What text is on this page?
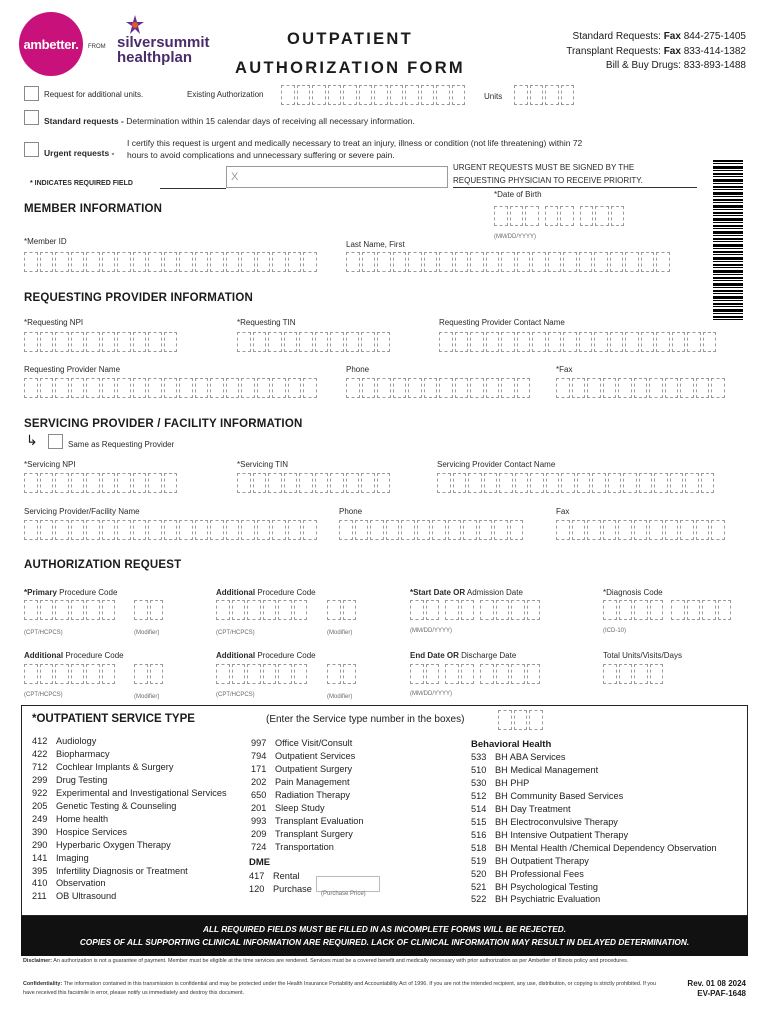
ambetter. FROM silversummit
healthplan
OUTPATIENT
AUTHORIZATION FORM
Standard Requests: Fax 844-275-1405
Transplant Requests: Fax 833-414-1382
Bill & Buy Drugs: 833-893-1488
Request for additional units.	Existing Authorization	Units
Standard requests - Determination within 15 calendar days of receiving all necessary information.
Urgent requests -
I certify this request is urgent and medically necessary to treat an injury, illness or condition (not life threatening) within 72
hours to avoid complications and unnecessary suffering or severe pain.
* INDICATES REQUIRED FIELD
X
URGENT REQUESTS MUST BE SIGNED BY THE
REQUESTING PHYSICIAN TO RECEIVE PRIORITY.
MEMBER INFORMATION
*Date of Birth
(MM/DD/YYYY)
*Member ID	Last Name, First
REQUESTING PROVIDER INFORMATION
*Requesting NPI	*Requesting TIN	Requesting Provider Contact Name
Requesting Provider Name	Phone	*Fax
SERVICING PROVIDER / FACILITY INFORMATION
↳	Same as Requesting Provider
*Servicing NPI	*Servicing TIN	Servicing Provider Contact Name
Servicing Provider/Facility Name	Phone	Fax
AUTHORIZATION REQUEST
*Primary Procedure Code	Additional Procedure Code	*Start Date OR Admission Date	*Diagnosis Code
(CPT/HCPCS)	(Modifier)	(CPT/HCPCS)	(Modifier)	(MM/DD/YYYY)	(ICD-10)
Additional Procedure Code	Additional Procedure Code	End Date OR Discharge Date	Total Units/Visits/Days
(CPT/HCPCS)	(Modifier)	(CPT/HCPCS)	(Modifier)	(MM/DD/YYYY)
*OUTPATIENT SERVICE TYPE	(Enter the Service type number in the boxes)
412 Audiology
422 Biopharmacy
712 Cochlear Implants & Surgery
299 Drug Testing
922 Experimental and Investigational Services
205 Genetic Testing & Counseling
249 Home health
390 Hospice Services
290 Hyperbaric Oxygen Therapy
141 Imaging
395 Infertility Diagnosis or Treatment
410 Observation
211 OB Ultrasound
997 Office Visit/Consult
794 Outpatient Services
171 Outpatient Surgery
202 Pain Management
650 Radiation Therapy
201 Sleep Study
993 Transplant Evaluation
209 Transplant Surgery
724 Transportation
DME
417 Rental
120 Purchase
(Purchase Price)
Behavioral Health
533 BH ABA Services
510 BH Medical Management
530 BH PHP
512 BH Community Based Services
514 BH Day Treatment
515 BH Electroconvulsive Therapy
516 BH Intensive Outpatient Therapy
518 BH Mental Health /Chemical Dependency Observation
519 BH Outpatient Therapy
520 BH Professional Fees
521 BH Psychological Testing
522 BH Psychiatric Evaluation
ALL REQUIRED FIELDS MUST BE FILLED IN AS INCOMPLETE FORMS WILL BE REJECTED.
COPIES OF ALL SUPPORTING CLINICAL INFORMATION ARE REQUIRED. LACK OF CLINICAL INFORMATION MAY RESULT IN DELAYED DETERMINATION.
Disclaimer: An authorization is not a guarantee of payment. Member must be eligible at the time services are rendered. Services must be a covered benefit and medically necessary with prior authorization as per Ambetter of Illinois policy and procedures.
Confidentiality: The information contained in this transmission is confidential and may be protected under the Health Insurance Portability and Accountability Act of 1996. If you are not the intended recipient, any use, distribution, or copying is strictly prohibited. If you have received this facsimile in error, please notify us immediately and destroy this document.
Rev. 01 08 2024
EV-PAF-1648
